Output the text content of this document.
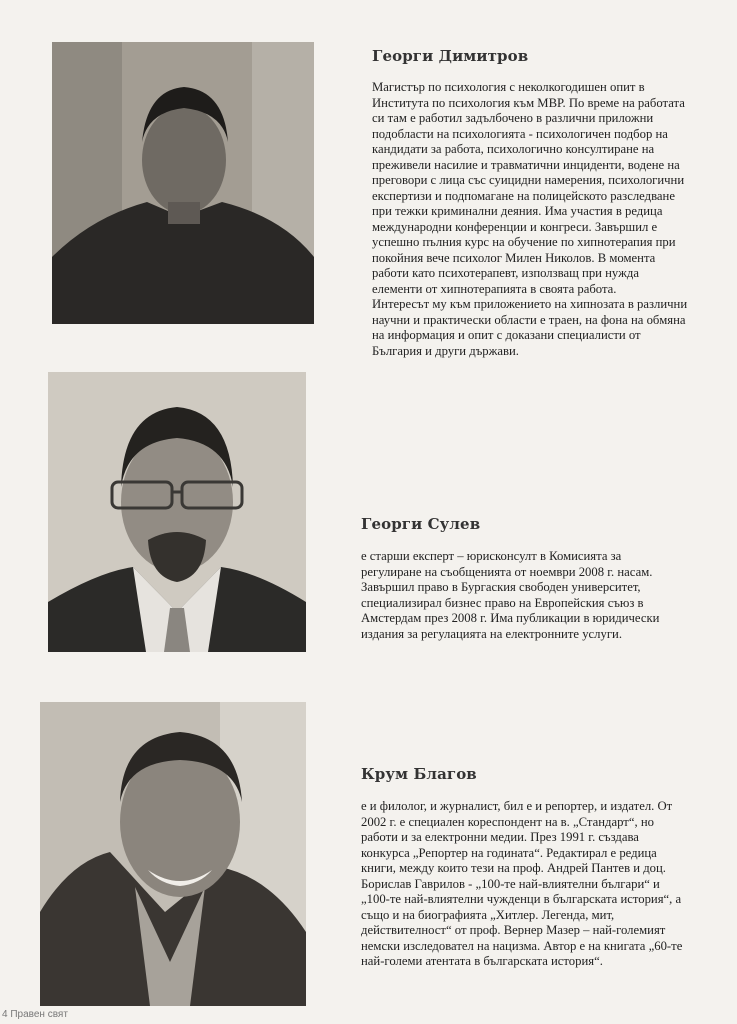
Георги Димитров

Магистър по психология с неколкогодишен опит в Института по психология към МВР. По време на работата си там е работил задълбочено в различни приложни подобласти на психологията - психологичен подбор на кандидати за работа, психологично консултиране на преживели насилие и травматични инциденти, водене на преговори с лица със суицидни намерения, психологични експертизи и подпомагане на полицейското разследване при тежки криминални деяния. Има участия в редица международни конференции и конгреси. Завършил е успешно пълния курс на обучение по хипнотерапия при покойния вече психолог Милен Николов. В момента работи като психотерапевт, използващ при нужда елементи от хипнотерапията в своята работа.

Интересът му към приложението на хипнозата в различни научни и практически области е траен, на фона на обмяна на информация и опит с доказани специалисти от България и други държави.

Георги Сулев

е старши експерт – юрисконсулт в Комисията за регулиране на съобщенията от ноември 2008 г. насам. Завършил право в Бургаския свободен университет, специализирал бизнес право на Европейския съюз в Амстердам през 2008 г. Има публикации в юридически издания за регулацията на електронните услуги.

Крум Благов

е и филолог, и журналист, бил е и репортер, и издател. От 2002 г. е специален кореспондент на в. „Стандарт“, но работи и за електронни медии. През 1991 г. създава конкурса „Репортер на годината“. Редактирал е редица книги, между които тези на проф. Андрей Пантев и доц. Борислав Гаврилов - „100-те най-влиятелни българи“ и „100-те най-влиятелни чужденци в българската история“, а също и на биографията „Хитлер. Легенда, мит, действителност“ от проф. Вернер Мазер – най-големият немски изследовател на нацизма. Автор е на книгата „60-те най-големи атентата в българската история“.

4 Правен свят
